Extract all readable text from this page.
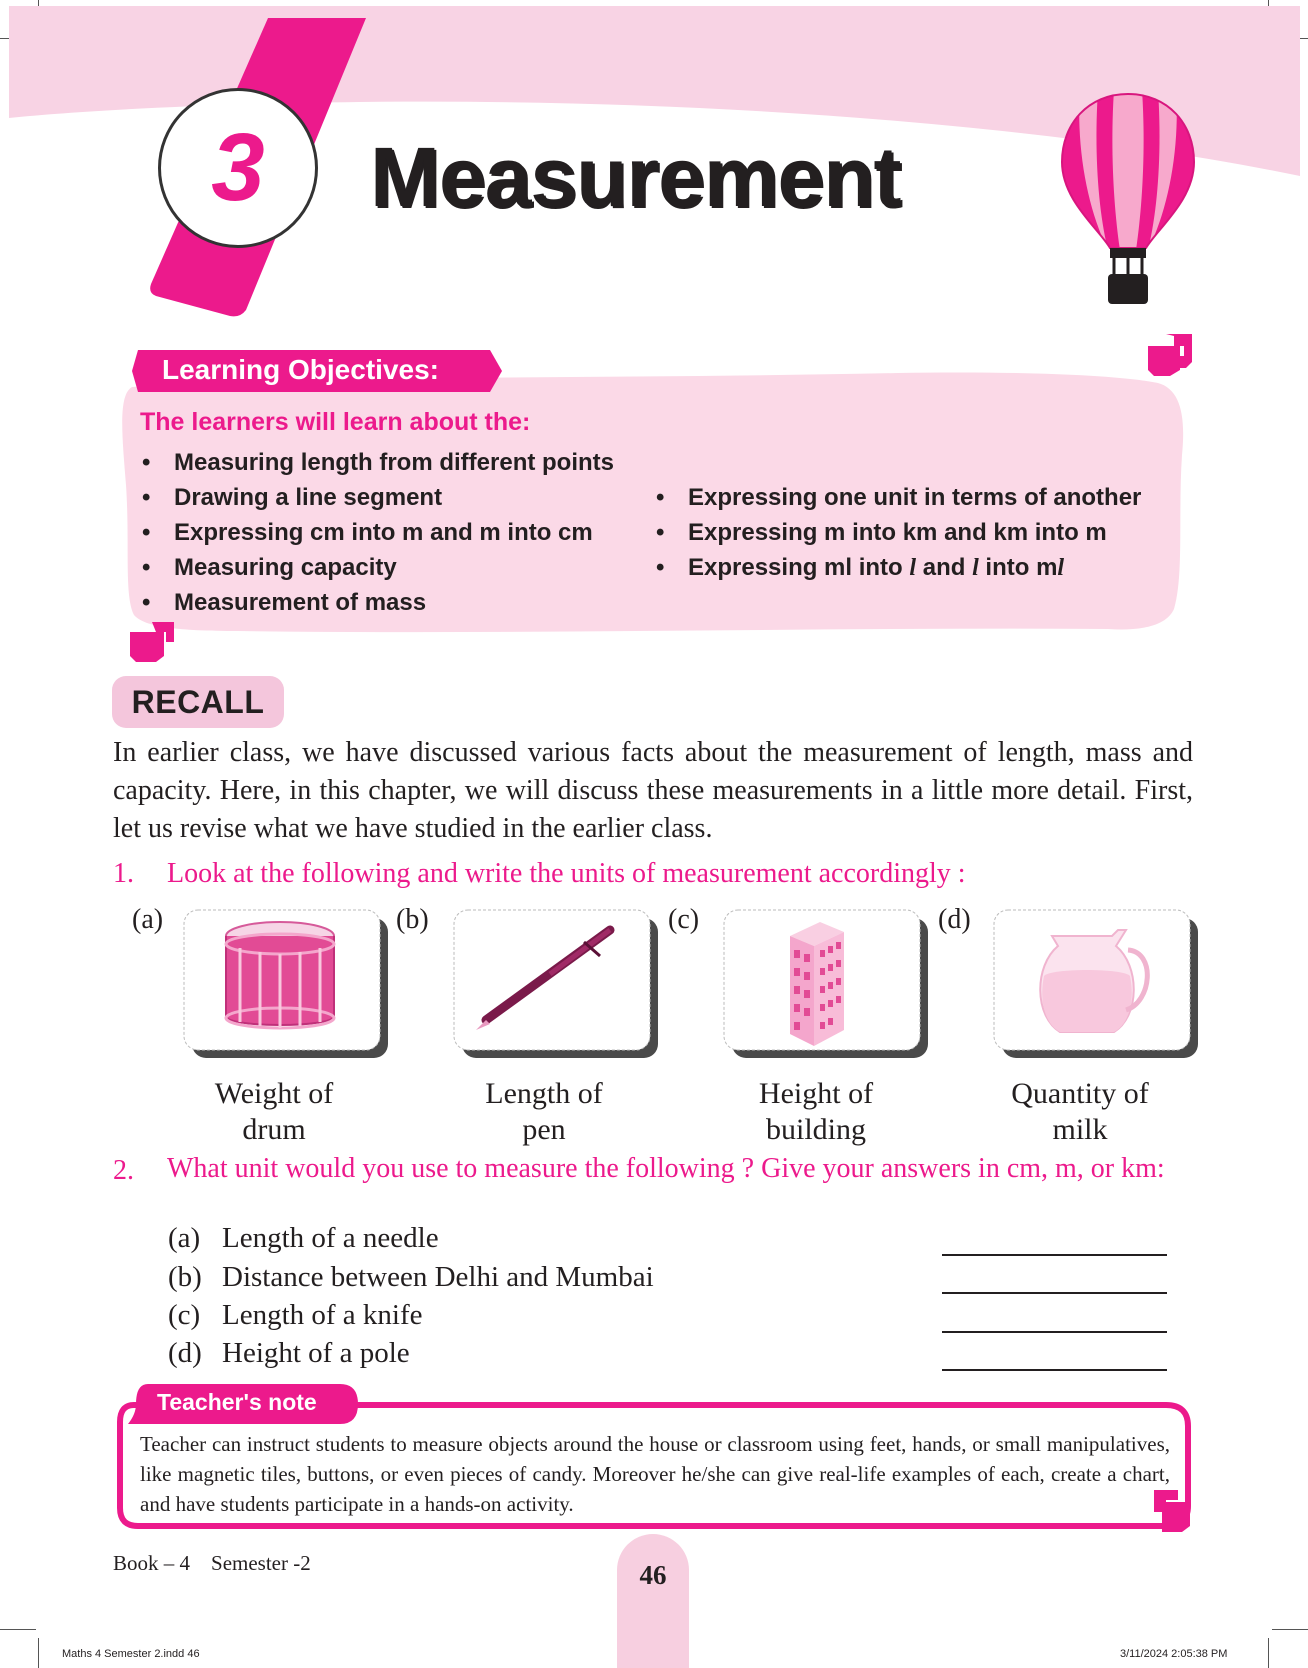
3 Measurement
Learning Objectives:
The learners will learn about the:
• Measuring length from different points
• Drawing a line segment
• Expressing cm into m and m into cm
• Measuring capacity
• Measurement of mass
• Expressing one unit in terms of another
• Expressing m into km and km into m
• Expressing ml into l and l into ml
RECALL

In earlier class, we have discussed various facts about the measurement of length, mass and capacity. Here, in this chapter, we will discuss these measurements in a little more detail. First, let us revise what we have studied in the earlier class.

1. Look at the following and write the units of measurement accordingly :
(a)	(b)	(c)	(d)
Weight of
drum
Length of
pen
Height of
building
Quantity of
milk
2. What unit would you use to measure the following ? Give your answers in cm, m, or km:
(a) Length of a needle
(b) Distance between Delhi and Mumbai
(c) Length of a knife
(d) Height of a pole
Teacher's note

Teacher can instruct students to measure objects around the house or classroom using feet, hands, or small manipulatives, like magnetic tiles, buttons, or even pieces of candy. Moreover he/she can give real-life examples of each, create a chart, and have students participate in a hands-on activity.

Book – 4 Semester -2	46
Maths 4 Semester 2.indd 46	3/11/2024 2:05:38 PM
